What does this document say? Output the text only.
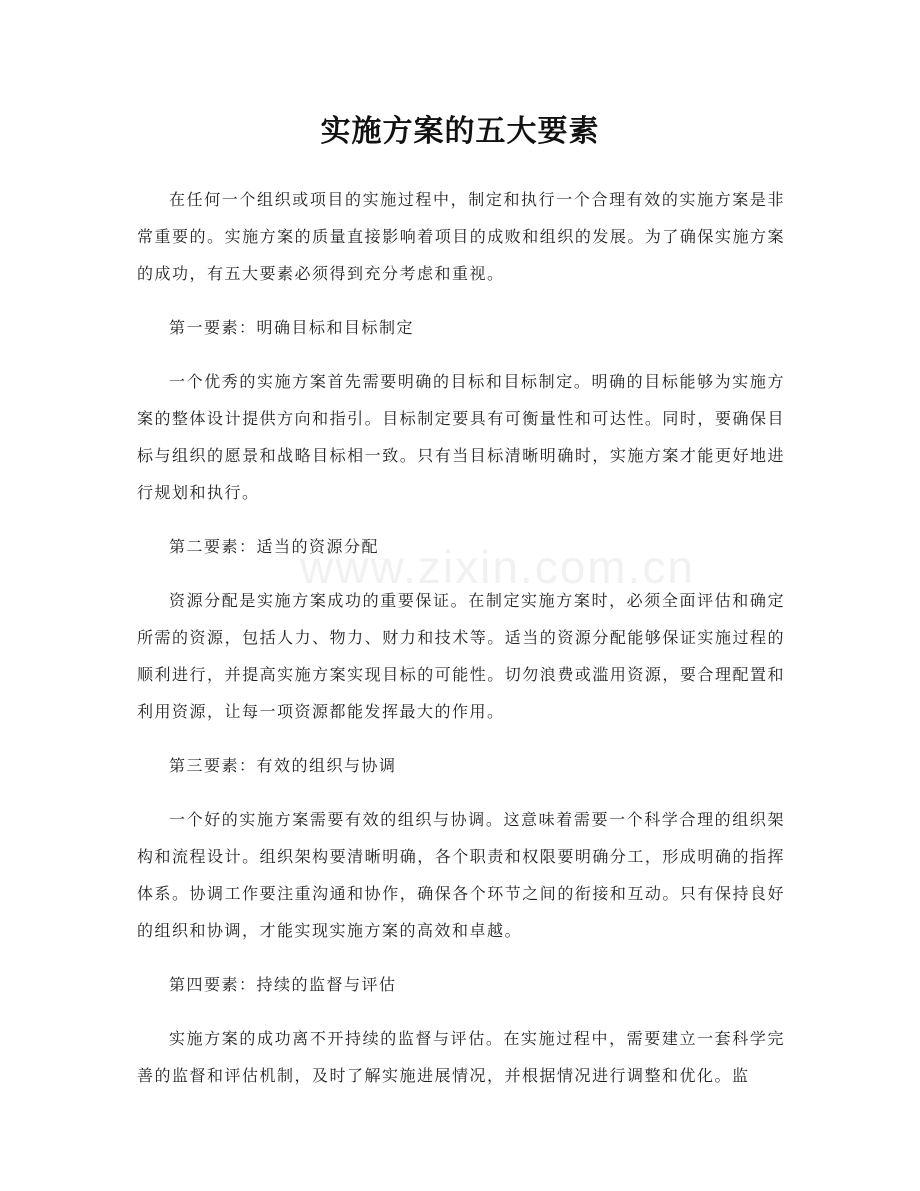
实施方案的五大要素
www.zixin.com.cn

在任何一个组织或项目的实施过程中，制定和执行一个合理有效的实施方案是非常重要的。实施方案的质量直接影响着项目的成败和组织的发展。为了确保实施方案的成功，有五大要素必须得到充分考虑和重视。

第一要素：明确目标和目标制定

一个优秀的实施方案首先需要明确的目标和目标制定。明确的目标能够为实施方案的整体设计提供方向和指引。目标制定要具有可衡量性和可达性。同时，要确保目标与组织的愿景和战略目标相一致。只有当目标清晰明确时，实施方案才能更好地进行规划和执行。

第二要素：适当的资源分配

资源分配是实施方案成功的重要保证。在制定实施方案时，必须全面评估和确定所需的资源，包括人力、物力、财力和技术等。适当的资源分配能够保证实施过程的顺利进行，并提高实施方案实现目标的可能性。切勿浪费或滥用资源，要合理配置和利用资源，让每一项资源都能发挥最大的作用。

第三要素：有效的组织与协调

一个好的实施方案需要有效的组织与协调。这意味着需要一个科学合理的组织架构和流程设计。组织架构要清晰明确，各个职责和权限要明确分工，形成明确的指挥体系。协调工作要注重沟通和协作，确保各个环节之间的衔接和互动。只有保持良好的组织和协调，才能实现实施方案的高效和卓越。

第四要素：持续的监督与评估

实施方案的成功离不开持续的监督与评估。在实施过程中，需要建立一套科学完善的监督和评估机制，及时了解实施进展情况，并根据情况进行调整和优化。监
